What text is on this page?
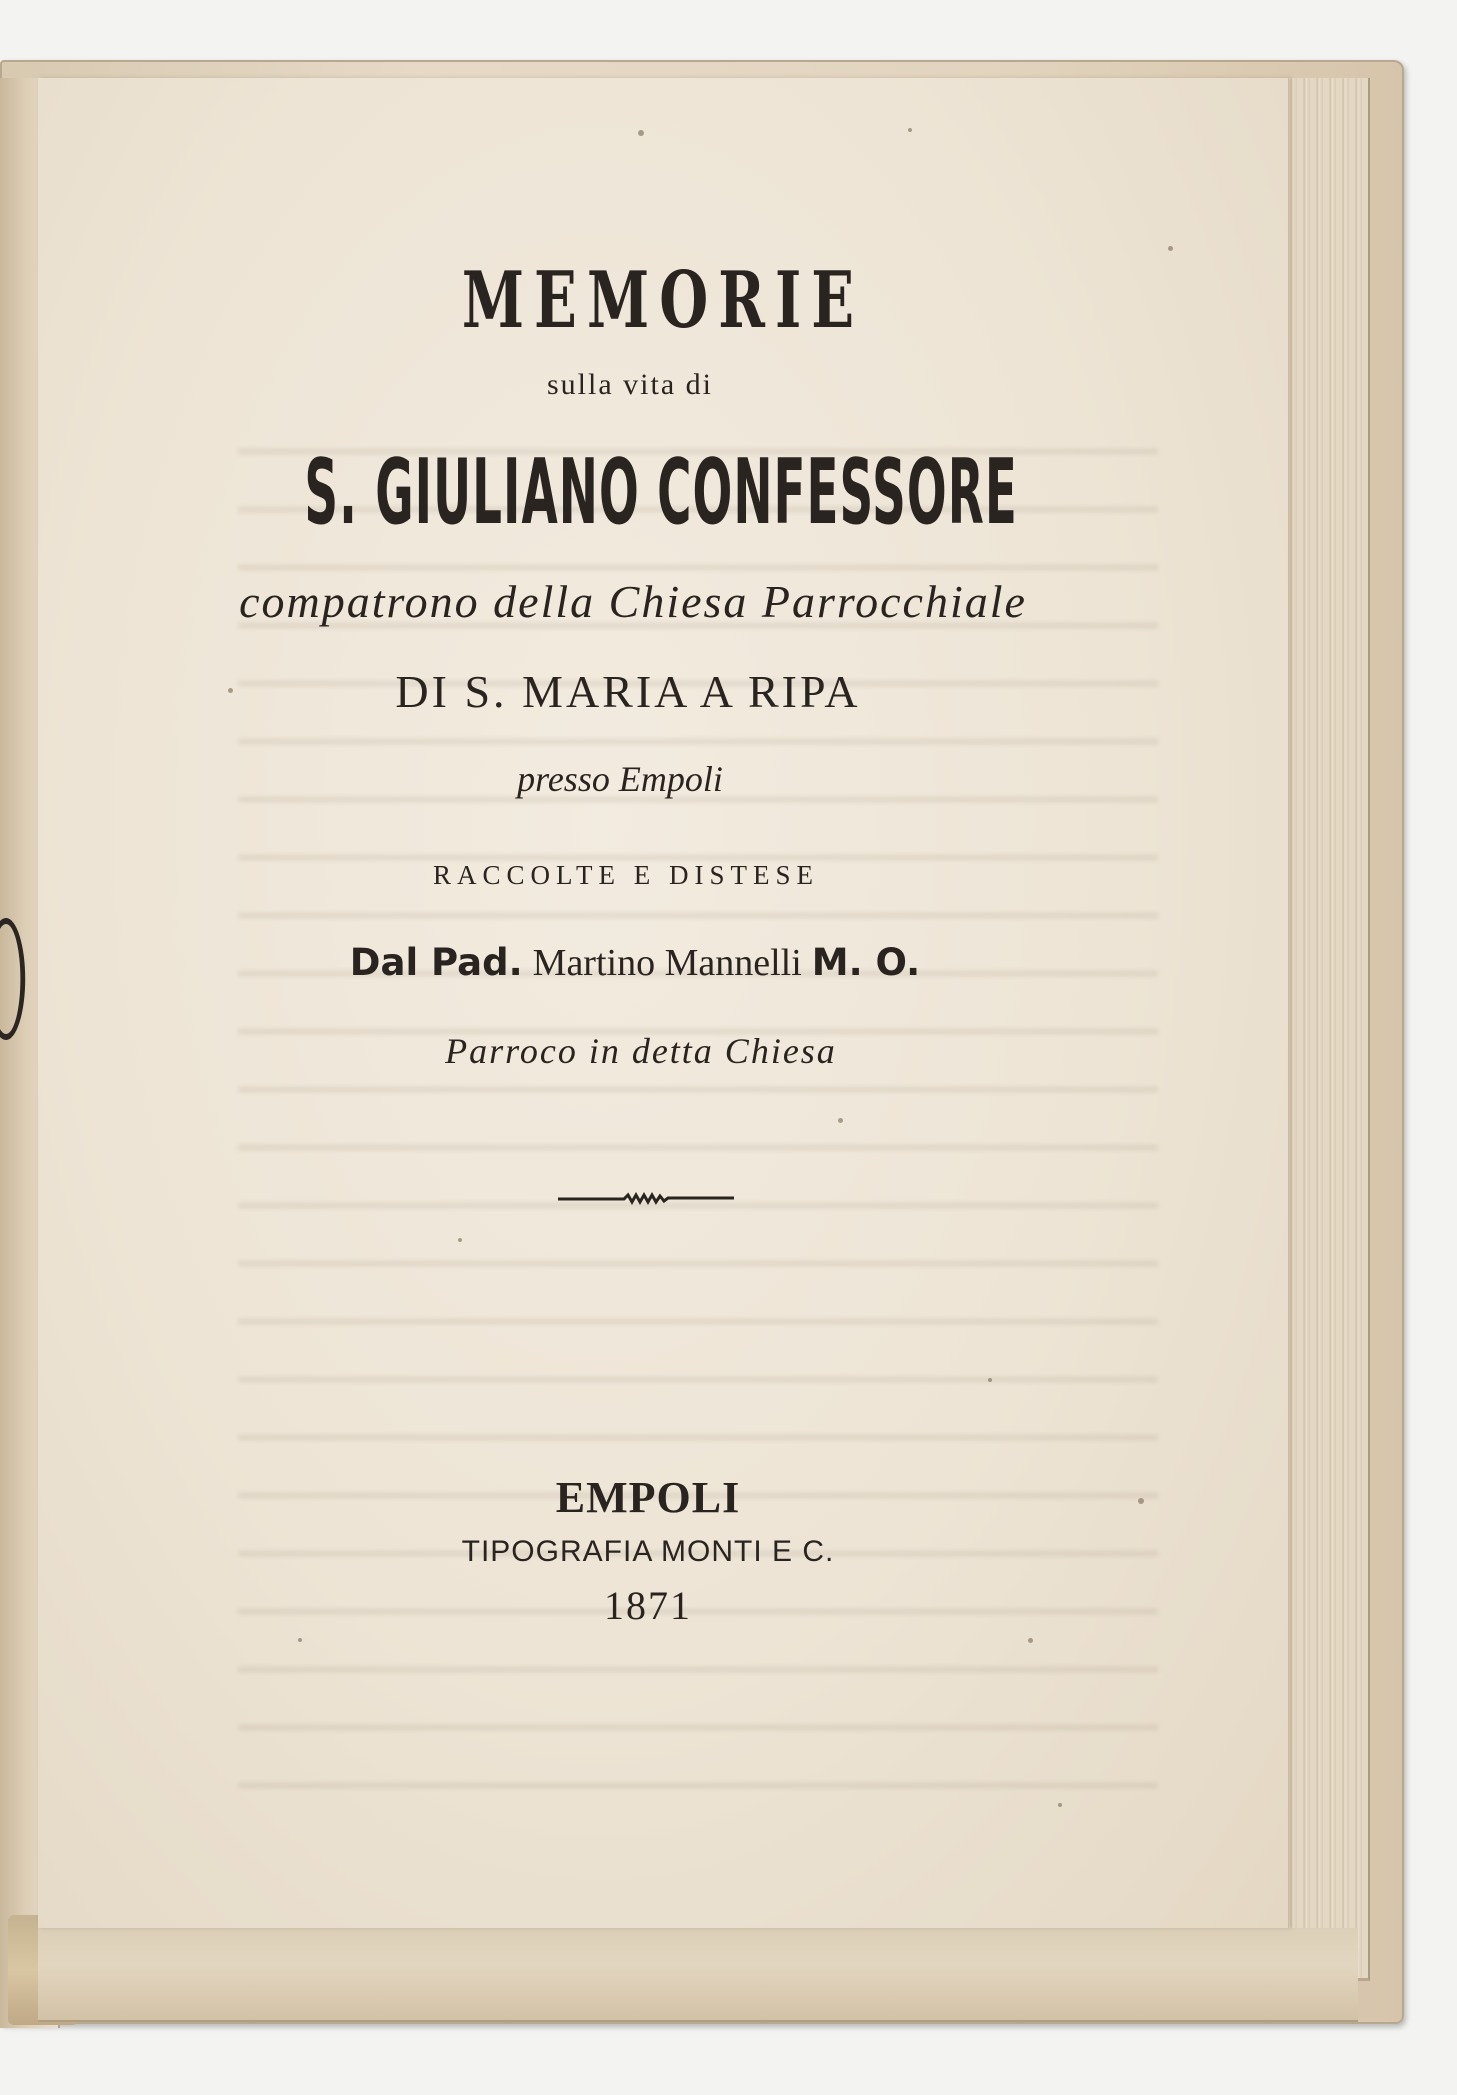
MEMORIE
sulla vita di
S. GIULIANO CONFESSORE
compatrono della Chiesa Parrocchiale
DI S. MARIA A RIPA
presso Empoli
RACCOLTE E DISTESE
Dal Pad. Martino Mannelli M. O.
Parroco in detta Chiesa
EMPOLI
TIPOGRAFIA MONTI E C.
1871
